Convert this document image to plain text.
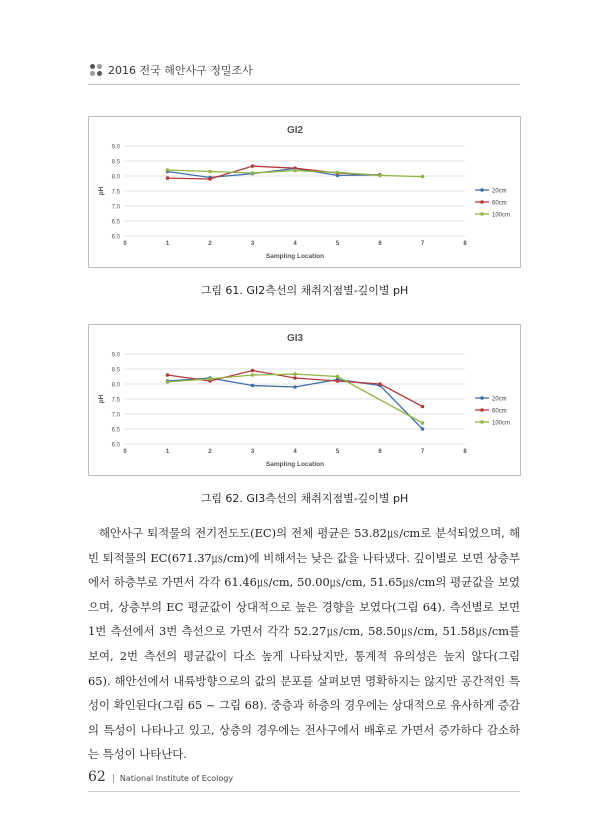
2016 전국 해안사구 정밀조사
GI2
6.0
6.5
7.0
7.5
8.0
8.5
9.0
0	1	2	3	4	5	6	7	8
Sampling Location
pH	20cm
60cm
100cm
그림 61. GI2측선의 채취지점별-깊이별 pH
GI3
6.0
6.5
7.0
7.5
8.0
8.5
9.0
0	1	2	3	4	5	6	7	8
Sampling Location
pH	20cm
60cm
100cm
그림 62. GI3측선의 채취지점별-깊이별 pH

해안사구 퇴적물의 전기전도도(EC)의 전체 평균은 53.82㎲/cm로 분석되었으며, 해빈 퇴적물의 EC(671.37㎲/cm)에 비해서는 낮은 값을 나타냈다. 깊이별로 보면 상층부에서 하층부로 가면서 각각 61.46㎲/cm, 50.00㎲/cm, 51.65㎲/cm의 평균값을 보였으며, 상층부의 EC 평균값이 상대적으로 높은 경향을 보였다(그림 64). 측선별로 보면 1번 측선에서 3번 측선으로 가면서 각각 52.27㎲/cm, 58.50㎲/cm, 51.58㎲/cm를 보여, 2번 측선의 평균값이 다소 높게 나타났지만, 통계적 유의성은 높지 않다(그림 65). 해안선에서 내륙방향으로의 값의 분포를 살펴보면 명확하지는 않지만 공간적인 특성이 확인된다(그림 65 ~ 그림 68). 중층과 하층의 경우에는 상대적으로 유사하게 증감의 특성이 나타나고 있고, 상층의 경우에는 전사구에서 배후로 가면서 증가하다 감소하는 특성이 나타난다.

62 | National Institute of Ecology
